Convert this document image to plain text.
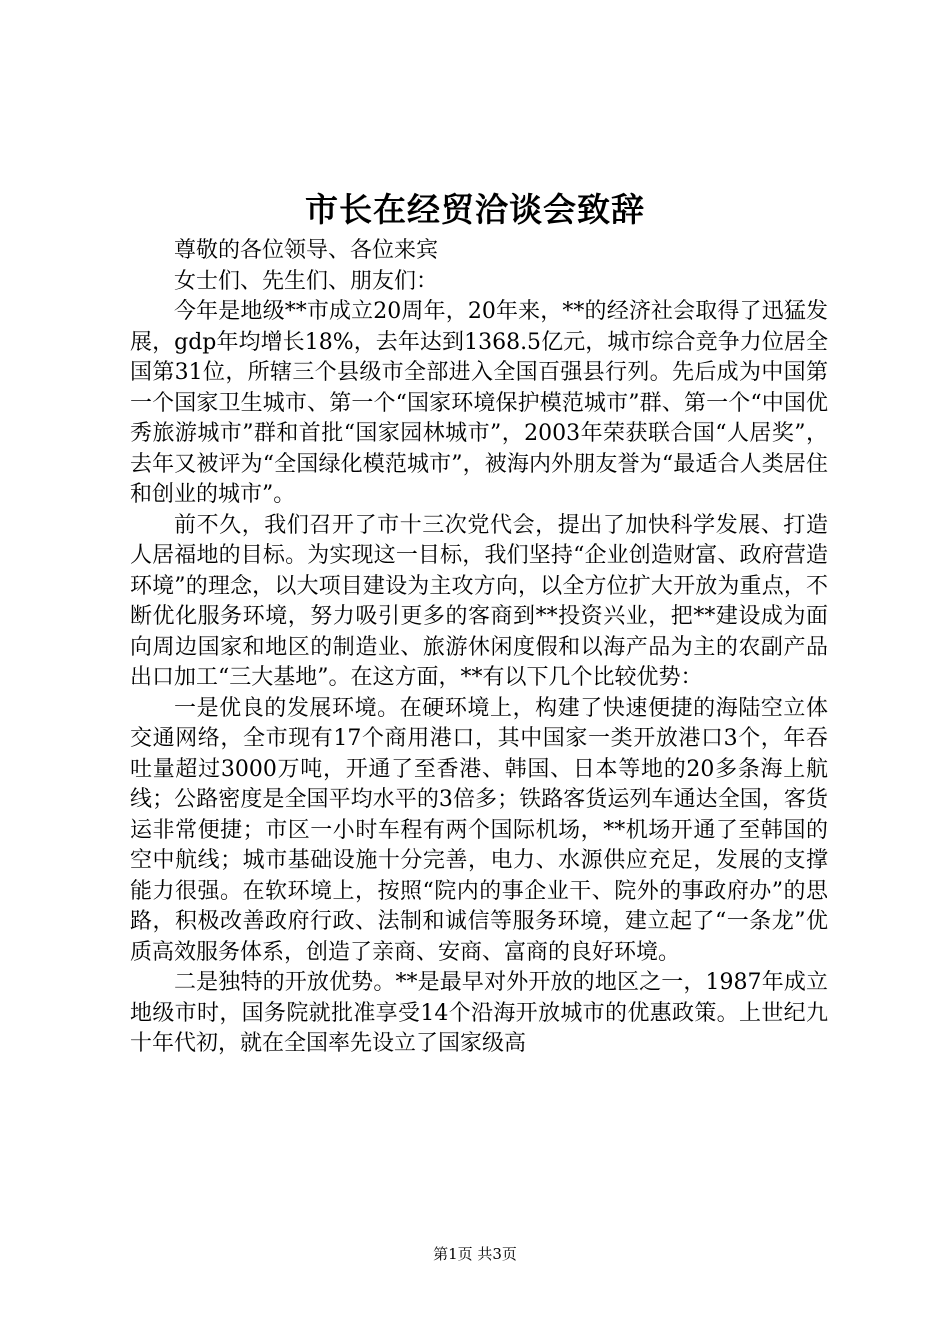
市长在经贸洽谈会致辞

尊敬的各位领导、各位来宾

女士们、先生们、朋友们：

今年是地级**市成立20周年，20年来，**的经济社会取得了迅猛发展，gdp年均增长18%，去年达到1368.5亿元，城市综合竞争力位居全国第31位，所辖三个县级市全部进入全国百强县行列。先后成为中国第一个国家卫生城市、第一个“国家环境保护模范城市”群、第一个“中国优秀旅游城市”群和首批“国家园林城市”，2003年荣获联合国“人居奖”，去年又被评为“全国绿化模范城市”，被海内外朋友誉为“最适合人类居住和创业的城市”。

前不久，我们召开了市十三次党代会，提出了加快科学发展、打造人居福地的目标。为实现这一目标，我们坚持“企业创造财富、政府营造环境”的理念，以大项目建设为主攻方向，以全方位扩大开放为重点，不断优化服务环境，努力吸引更多的客商到**投资兴业，把**建设成为面向周边国家和地区的制造业、旅游休闲度假和以海产品为主的农副产品出口加工“三大基地”。在这方面，**有以下几个比较优势：

一是优良的发展环境。在硬环境上，构建了快速便捷的海陆空立体交通网络，全市现有17个商用港口，其中国家一类开放港口3个，年吞吐量超过3000万吨，开通了至香港、韩国、日本等地的20多条海上航线；公路密度是全国平均水平的3倍多；铁路客货运列车通达全国，客货运非常便捷；市区一小时车程有两个国际机场，**机场开通了至韩国的空中航线；城市基础设施十分完善，电力、水源供应充足，发展的支撑能力很强。在软环境上，按照“院内的事企业干、院外的事政府办”的思路，积极改善政府行政、法制和诚信等服务环境，建立起了“一条龙”优质高效服务体系，创造了亲商、安商、富商的良好环境。

二是独特的开放优势。**是最早对外开放的地区之一，1987年成立地级市时，国务院就批准享受14个沿海开放城市的优惠政策。上世纪九十年代初，就在全国率先设立了国家级高

第1页 共3页
